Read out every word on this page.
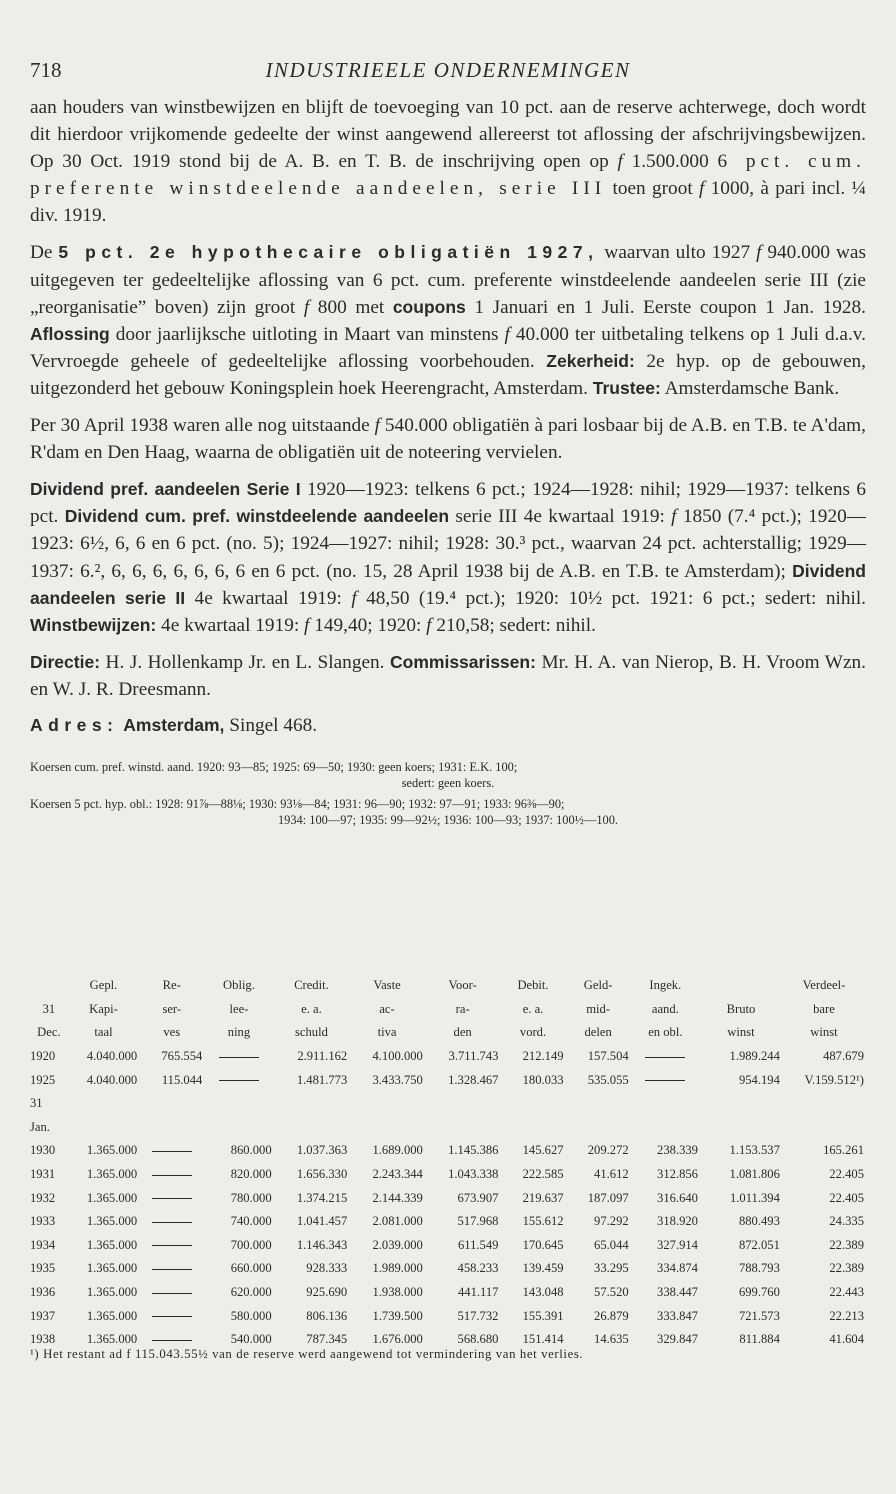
718	INDUSTRIEELE ONDERNEMINGEN

aan houders van winstbewijzen en blijft de toevoeging van 10 pct. aan de reserve achterwege, doch wordt dit hierdoor vrijkomende gedeelte der winst aangewend allereerst tot aflossing der afschrijvingsbewijzen. Op 30 Oct. 1919 stond bij de A. B. en T. B. de inschrijving open op f 1.500.000 6 pct. cum. preferente winstdeelende aandeelen, serie III toen groot f 1000, à pari incl. ¼ div. 1919.

De 5 pct. 2e hypothecaire obligatiën 1927, waarvan ulto 1927 f 940.000 was uitgegeven ter gedeeltelijke aflossing van 6 pct. cum. preferente winstdeelende aandeelen serie III (zie „reorganisatie” boven) zijn groot f 800 met coupons 1 Januari en 1 Juli. Eerste coupon 1 Jan. 1928. Aflossing door jaarlijksche uitloting in Maart van minstens f 40.000 ter uitbetaling telkens op 1 Juli d.a.v. Vervroegde geheele of gedeeltelijke aflossing voorbehouden. Zekerheid: 2e hyp. op de gebouwen, uitgezonderd het gebouw Koningsplein hoek Heerengracht, Amsterdam. Trustee: Amsterdamsche Bank.

Per 30 April 1938 waren alle nog uitstaande f 540.000 obligatiën à pari losbaar bij de A.B. en T.B. te A'dam, R'dam en Den Haag, waarna de obligatiën uit de noteering vervielen.

Dividend pref. aandeelen Serie I 1920—1923: telkens 6 pct.; 1924—1928: nihil; 1929—1937: telkens 6 pct. Dividend cum. pref. winstdeelende aandeelen serie III 4e kwartaal 1919: f 1850 (7.⁴ pct.); 1920—1923: 6½, 6, 6 en 6 pct. (no. 5); 1924—1927: nihil; 1928: 30.³ pct., waarvan 24 pct. achterstallig; 1929—1937: 6.², 6, 6, 6, 6, 6, 6, 6 en 6 pct. (no. 15, 28 April 1938 bij de A.B. en T.B. te Amsterdam); Dividend aandeelen serie II 4e kwartaal 1919: f 48,50 (19.⁴ pct.); 1920: 10½ pct. 1921: 6 pct.; sedert: nihil. Winstbewijzen: 4e kwartaal 1919: f 149,40; 1920: f 210,58; sedert: nihil.

Directie: H. J. Hollenkamp Jr. en L. Slangen. Commissarissen: Mr. H. A. van Nierop, B. H. Vroom Wzn. en W. J. R. Dreesmann.

Adres: Amsterdam, Singel 468.

Koersen cum. pref. winstd. aand. 1920: 93—85; 1925: 69—50; 1930: geen koers; 1931: E.K. 100;
sedert: geen koers.

Koersen 5 pct. hyp. obl.: 1928: 91⅞—88⅛; 1930: 93⅛—84; 1931: 96—90; 1932: 97—91; 1933: 96⅜—90;
1934: 100—97; 1935: 99—92½; 1936: 100—93; 1937: 100½—100.

	Gepl.	Re-	Oblig.	Credit.	Vaste	Voor-	Debit.	Geld-	Ingek.		Verdeel-
31	Kapi-	ser-	lee-	e. a.	ac-	ra-	e. a.	mid-	aand.	Bruto	bare
Dec.	taal	ves	ning	schuld	tiva	den	vord.	delen	en obl.	winst	winst
1920	4.040.000	765.554		2.911.162	4.100.000	3.711.743	212.149	157.504		1.989.244	487.679
1925	4.040.000	115.044		1.481.773	3.433.750	1.328.467	180.033	535.055		954.194	V.159.512¹)
31											
Jan.											
1930	1.365.000		860.000	1.037.363	1.689.000	1.145.386	145.627	209.272	238.339	1.153.537	165.261
1931	1.365.000		820.000	1.656.330	2.243.344	1.043.338	222.585	41.612	312.856	1.081.806	22.405
1932	1.365.000		780.000	1.374.215	2.144.339	673.907	219.637	187.097	316.640	1.011.394	22.405
1933	1.365.000		740.000	1.041.457	2.081.000	517.968	155.612	97.292	318.920	880.493	24.335
1934	1.365.000		700.000	1.146.343	2.039.000	611.549	170.645	65.044	327.914	872.051	22.389
1935	1.365.000		660.000	928.333	1.989.000	458.233	139.459	33.295	334.874	788.793	22.389
1936	1.365.000		620.000	925.690	1.938.000	441.117	143.048	57.520	338.447	699.760	22.443
1937	1.365.000		580.000	806.136	1.739.500	517.732	155.391	26.879	333.847	721.573	22.213
1938	1.365.000		540.000	787.345	1.676.000	568.680	151.414	14.635	329.847	811.884	41.604
¹) Het restant ad f 115.043.55½ van de reserve werd aangewend tot vermindering van het verlies.
